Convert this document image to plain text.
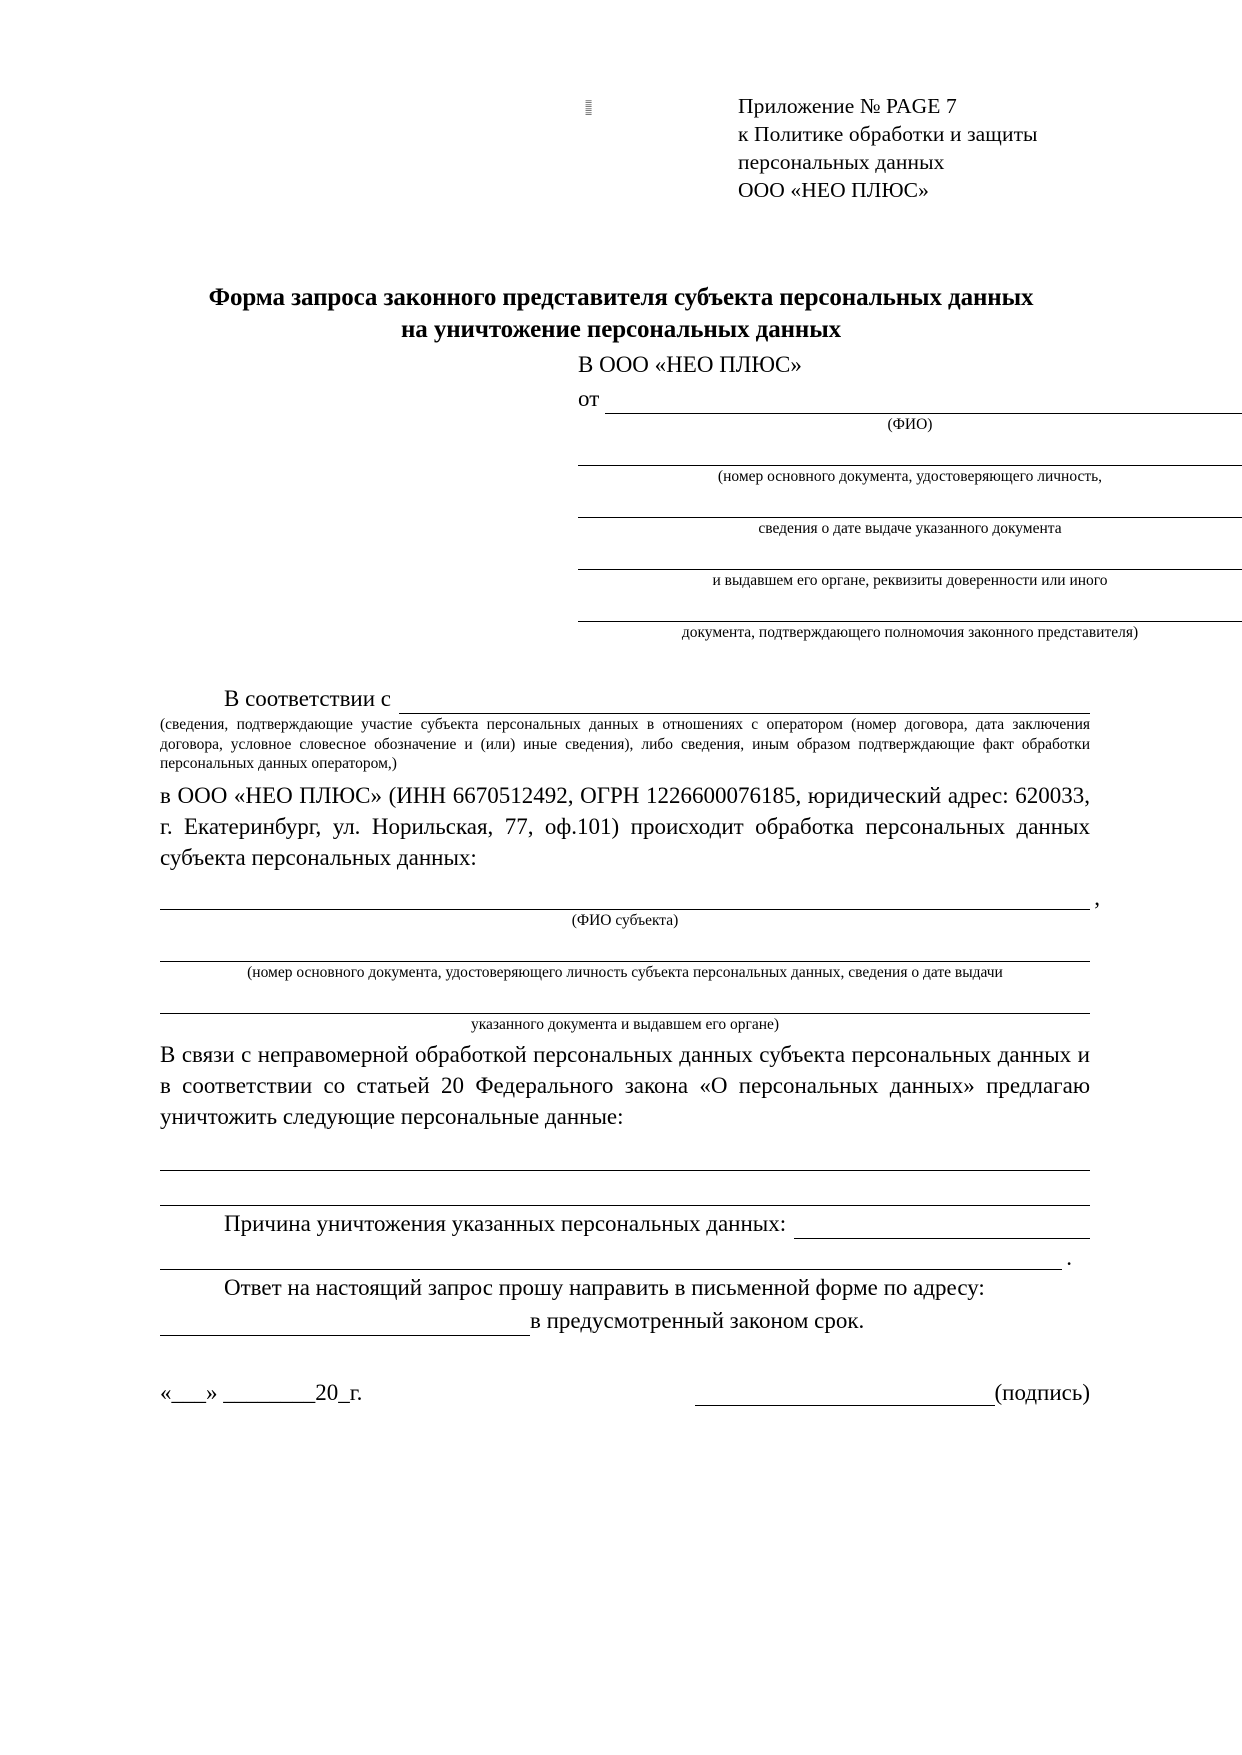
Приложение № PAGE 7
к Политике обработки и защиты
персональных данных
ООО «НЕО ПЛЮС»
Форма запроса законного представителя субъекта персональных данных
на уничтожение персональных данных
В ООО «НЕО ПЛЮС»
от
(ФИО)
(номер основного документа, удостоверяющего личность,
сведения о дате выдаче указанного документа
и выдавшем его органе, реквизиты доверенности или иного
документа, подтверждающего полномочия законного представителя)
В соответствии с
(сведения, подтверждающие участие субъекта персональных данных в отношениях с оператором (номер договора, дата заключения договора, условное словесное обозначение и (или) иные сведения), либо сведения, иным образом подтверждающие факт обработки персональных данных оператором,)
в ООО «НЕО ПЛЮС» (ИНН 6670512492, ОГРН 1226600076185, юридический адрес: 620033, г. Екатеринбург, ул. Норильская, 77, оф.101) происходит обработка персональных данных субъекта персональных данных:
,
(ФИО субъекта)
(номер основного документа, удостоверяющего личность субъекта персональных данных, сведения о дате выдачи
указанного документа и выдавшем его органе)
В связи с неправомерной обработкой персональных данных субъекта персональных данных и в соответствии со статьей 20 Федерального закона «О персональных данных» предлагаю уничтожить следующие персональные данные:
Причина уничтожения указанных персональных данных:
.
Ответ на настоящий запрос прошу направить в письменной форме по адресу:
в предусмотренный законом срок.
«___» ________20_г.	(подпись)
